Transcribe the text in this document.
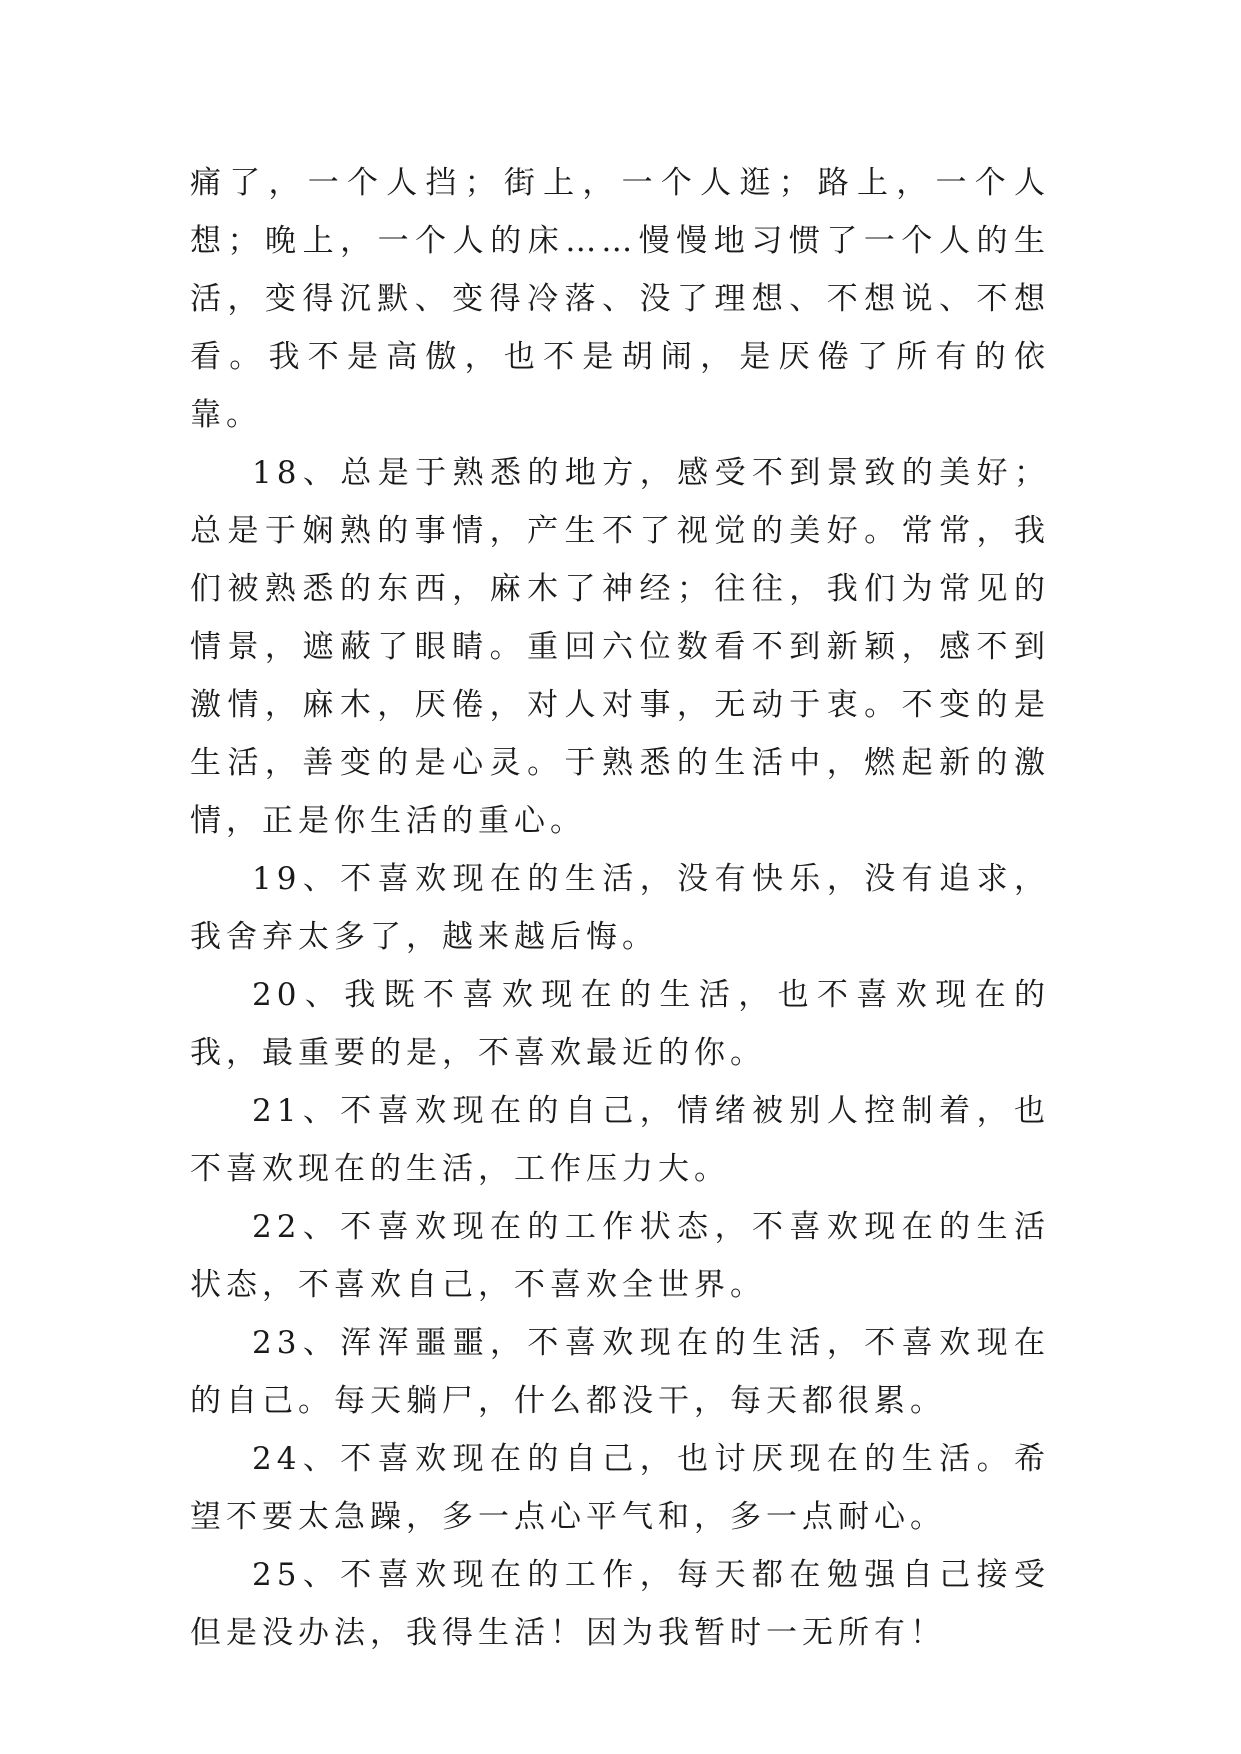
痛了，一个人挡；街上，一个人逛；路上，一个人想；晚上，一个人的床……慢慢地习惯了一个人的生活，变得沉默、变得冷落、没了理想、不想说、不想看。我不是高傲，也不是胡闹，是厌倦了所有的依靠。

18、总是于熟悉的地方，感受不到景致的美好；总是于娴熟的事情，产生不了视觉的美好。常常，我们被熟悉的东西，麻木了神经；往往，我们为常见的情景，遮蔽了眼睛。重回六位数看不到新颖，感不到激情，麻木，厌倦，对人对事，无动于衷。不变的是生活，善变的是心灵。于熟悉的生活中，燃起新的激情，正是你生活的重心。

19、不喜欢现在的生活，没有快乐，没有追求，我舍弃太多了，越来越后悔。

20、我既不喜欢现在的生活，也不喜欢现在的我，最重要的是，不喜欢最近的你。

21、不喜欢现在的自己，情绪被别人控制着，也不喜欢现在的生活，工作压力大。

22、不喜欢现在的工作状态，不喜欢现在的生活状态，不喜欢自己，不喜欢全世界。

23、浑浑噩噩，不喜欢现在的生活，不喜欢现在的自己。每天躺尸，什么都没干，每天都很累。

24、不喜欢现在的自己，也讨厌现在的生活。希望不要太急躁，多一点心平气和，多一点耐心。

25、不喜欢现在的工作，每天都在勉强自己接受但是没办法，我得生活！因为我暂时一无所有！
